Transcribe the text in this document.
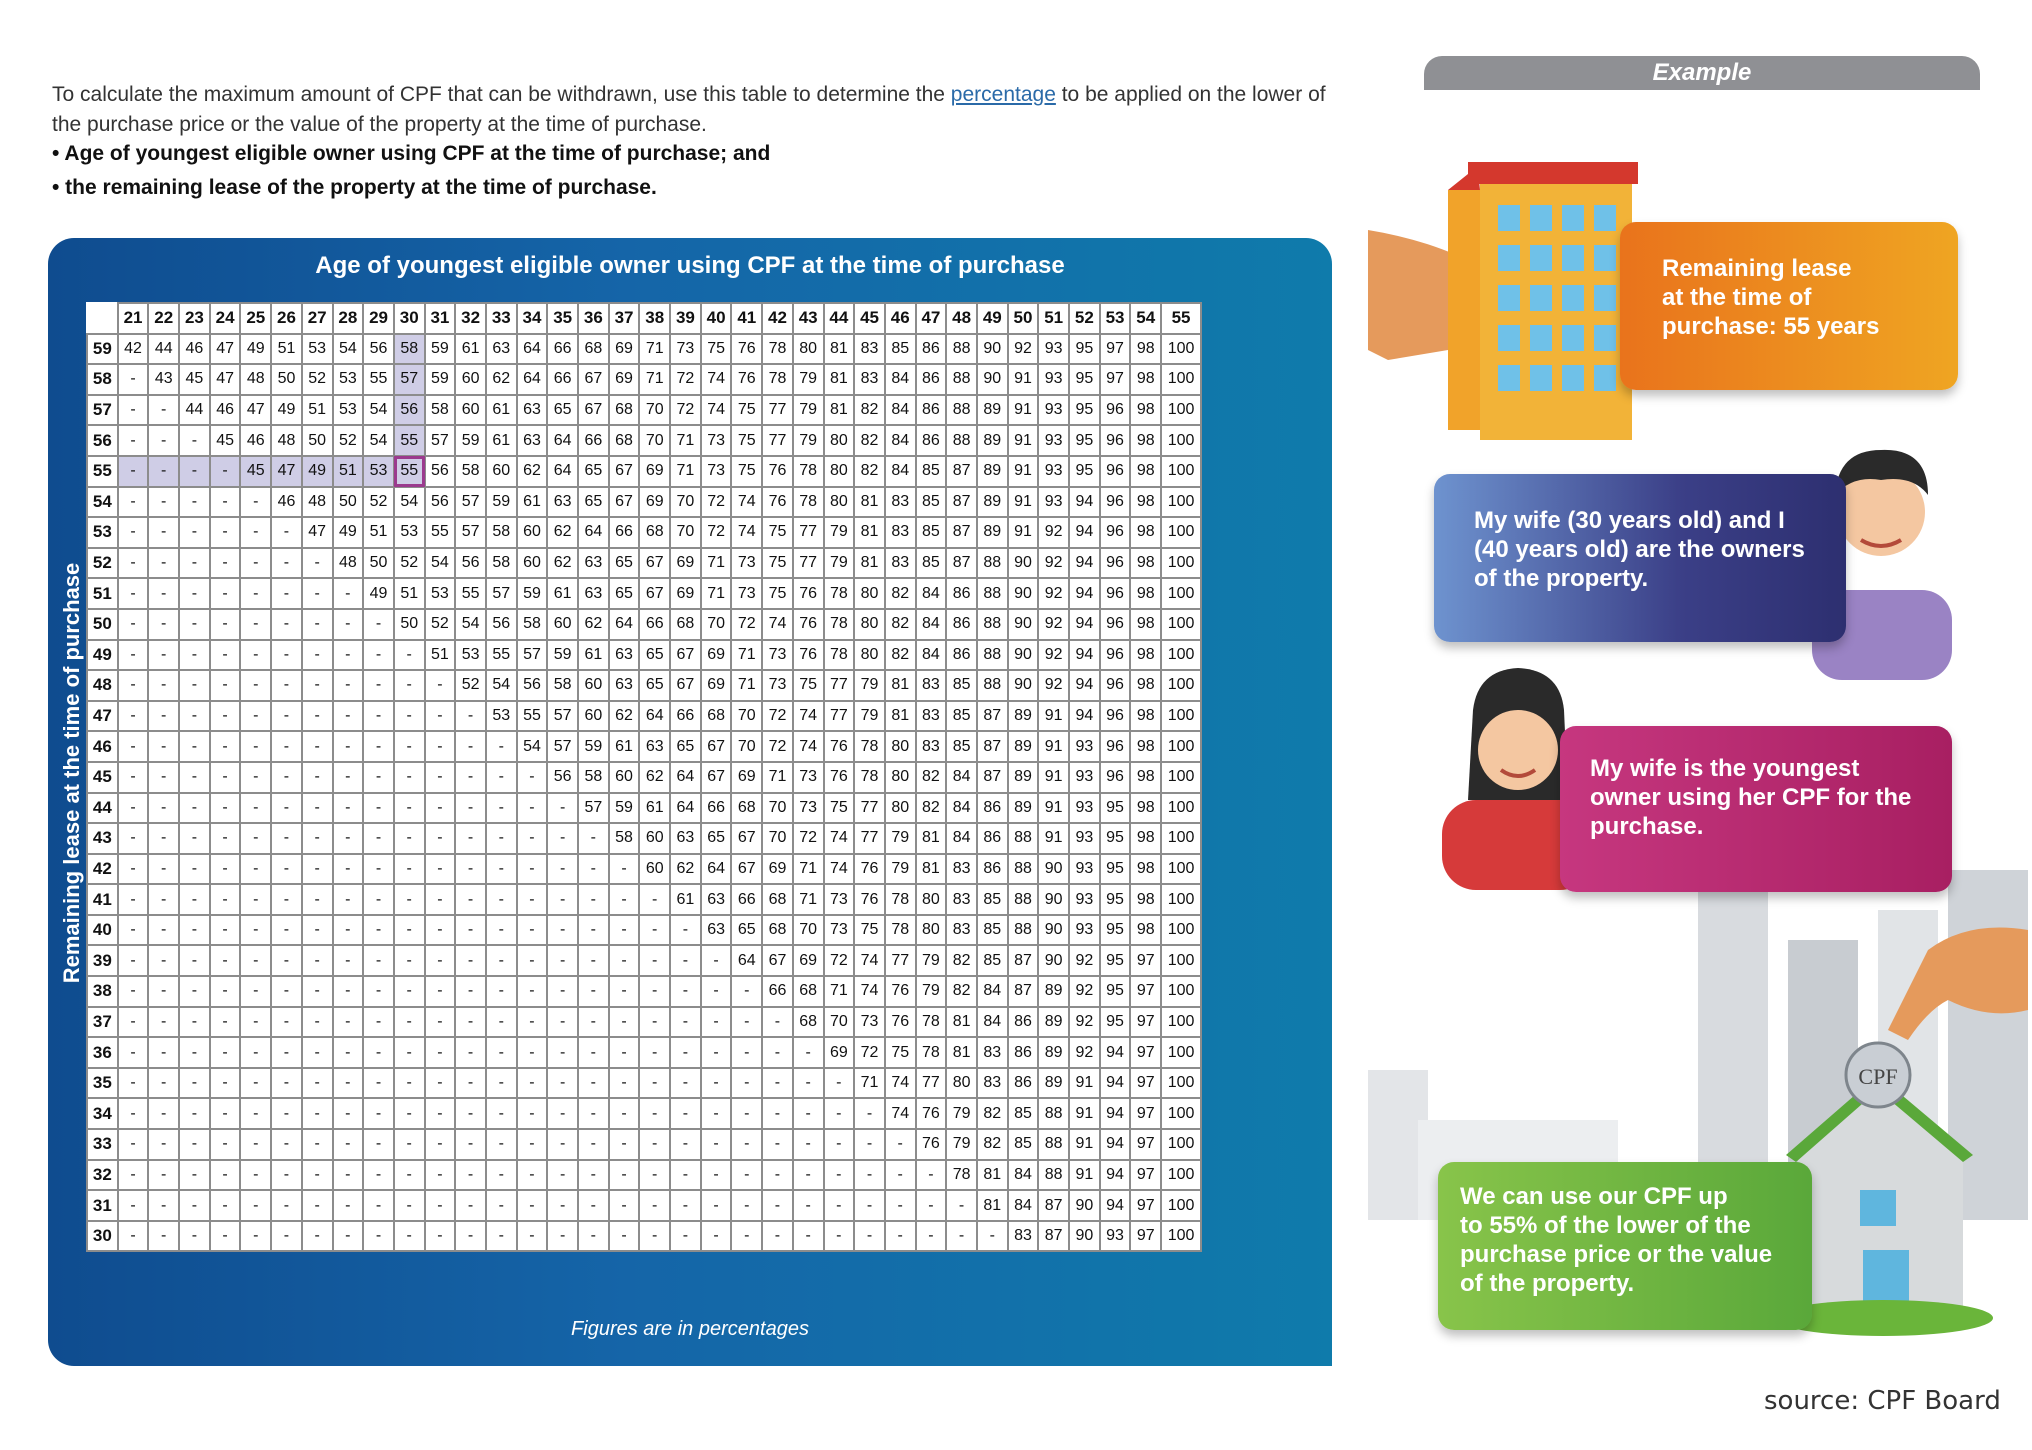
To calculate the maximum amount of CPF that can be withdrawn, use this table to determine the percentage to be applied on the lower of the purchase price or the value of the property at the time of purchase.
• Age of youngest eligible owner using CPF at the time of purchase; and
• the remaining lease of the property at the time of purchase.
Age of youngest eligible owner using CPF at the time of purchase
Figures are in percentages
Remaining lease at the time of purchase
	21	22	23	24	25	26	27	28	29	30	31	32	33	34	35	36	37	38	39	40	41	42	43	44	45	46	47	48	49	50	51	52	53	54	55
59	42	44	46	47	49	51	53	54	56	58	59	61	63	64	66	68	69	71	73	75	76	78	80	81	83	85	86	88	90	92	93	95	97	98	100
58	-	43	45	47	48	50	52	53	55	57	59	60	62	64	66	67	69	71	72	74	76	78	79	81	83	84	86	88	90	91	93	95	97	98	100
57	-	-	44	46	47	49	51	53	54	56	58	60	61	63	65	67	68	70	72	74	75	77	79	81	82	84	86	88	89	91	93	95	96	98	100
56	-	-	-	45	46	48	50	52	54	55	57	59	61	63	64	66	68	70	71	73	75	77	79	80	82	84	86	88	89	91	93	95	96	98	100
55	-	-	-	-	45	47	49	51	53	55	56	58	60	62	64	65	67	69	71	73	75	76	78	80	82	84	85	87	89	91	93	95	96	98	100
54	-	-	-	-	-	46	48	50	52	54	56	57	59	61	63	65	67	69	70	72	74	76	78	80	81	83	85	87	89	91	93	94	96	98	100
53	-	-	-	-	-	-	47	49	51	53	55	57	58	60	62	64	66	68	70	72	74	75	77	79	81	83	85	87	89	91	92	94	96	98	100
52	-	-	-	-	-	-	-	48	50	52	54	56	58	60	62	63	65	67	69	71	73	75	77	79	81	83	85	87	88	90	92	94	96	98	100
51	-	-	-	-	-	-	-	-	49	51	53	55	57	59	61	63	65	67	69	71	73	75	76	78	80	82	84	86	88	90	92	94	96	98	100
50	-	-	-	-	-	-	-	-	-	50	52	54	56	58	60	62	64	66	68	70	72	74	76	78	80	82	84	86	88	90	92	94	96	98	100
49	-	-	-	-	-	-	-	-	-	-	51	53	55	57	59	61	63	65	67	69	71	73	76	78	80	82	84	86	88	90	92	94	96	98	100
48	-	-	-	-	-	-	-	-	-	-	-	52	54	56	58	60	63	65	67	69	71	73	75	77	79	81	83	85	88	90	92	94	96	98	100
47	-	-	-	-	-	-	-	-	-	-	-	-	53	55	57	60	62	64	66	68	70	72	74	77	79	81	83	85	87	89	91	94	96	98	100
46	-	-	-	-	-	-	-	-	-	-	-	-	-	54	57	59	61	63	65	67	70	72	74	76	78	80	83	85	87	89	91	93	96	98	100
45	-	-	-	-	-	-	-	-	-	-	-	-	-	-	56	58	60	62	64	67	69	71	73	76	78	80	82	84	87	89	91	93	96	98	100
44	-	-	-	-	-	-	-	-	-	-	-	-	-	-	-	57	59	61	64	66	68	70	73	75	77	80	82	84	86	89	91	93	95	98	100
43	-	-	-	-	-	-	-	-	-	-	-	-	-	-	-	-	58	60	63	65	67	70	72	74	77	79	81	84	86	88	91	93	95	98	100
42	-	-	-	-	-	-	-	-	-	-	-	-	-	-	-	-	-	60	62	64	67	69	71	74	76	79	81	83	86	88	90	93	95	98	100
41	-	-	-	-	-	-	-	-	-	-	-	-	-	-	-	-	-	-	61	63	66	68	71	73	76	78	80	83	85	88	90	93	95	98	100
40	-	-	-	-	-	-	-	-	-	-	-	-	-	-	-	-	-	-	-	63	65	68	70	73	75	78	80	83	85	88	90	93	95	98	100
39	-	-	-	-	-	-	-	-	-	-	-	-	-	-	-	-	-	-	-	-	64	67	69	72	74	77	79	82	85	87	90	92	95	97	100
38	-	-	-	-	-	-	-	-	-	-	-	-	-	-	-	-	-	-	-	-	-	66	68	71	74	76	79	82	84	87	89	92	95	97	100
37	-	-	-	-	-	-	-	-	-	-	-	-	-	-	-	-	-	-	-	-	-	-	68	70	73	76	78	81	84	86	89	92	95	97	100
36	-	-	-	-	-	-	-	-	-	-	-	-	-	-	-	-	-	-	-	-	-	-	-	69	72	75	78	81	83	86	89	92	94	97	100
35	-	-	-	-	-	-	-	-	-	-	-	-	-	-	-	-	-	-	-	-	-	-	-	-	71	74	77	80	83	86	89	91	94	97	100
34	-	-	-	-	-	-	-	-	-	-	-	-	-	-	-	-	-	-	-	-	-	-	-	-	-	74	76	79	82	85	88	91	94	97	100
33	-	-	-	-	-	-	-	-	-	-	-	-	-	-	-	-	-	-	-	-	-	-	-	-	-	-	76	79	82	85	88	91	94	97	100
32	-	-	-	-	-	-	-	-	-	-	-	-	-	-	-	-	-	-	-	-	-	-	-	-	-	-	-	78	81	84	88	91	94	97	100
31	-	-	-	-	-	-	-	-	-	-	-	-	-	-	-	-	-	-	-	-	-	-	-	-	-	-	-	-	81	84	87	90	94	97	100
30	-	-	-	-	-	-	-	-	-	-	-	-	-	-	-	-	-	-	-	-	-	-	-	-	-	-	-	-	-	83	87	90	93	97	100
Example
CPF
Remaining lease
at the time of
purchase: 55 years
My wife (30 years old) and I
(40 years old) are the owners
of the property.
My wife is the youngest
owner using her CPF for the
purchase.
We can use our CPF up
to 55% of the lower of the
purchase price or the value
of the property.
source: CPF Board
